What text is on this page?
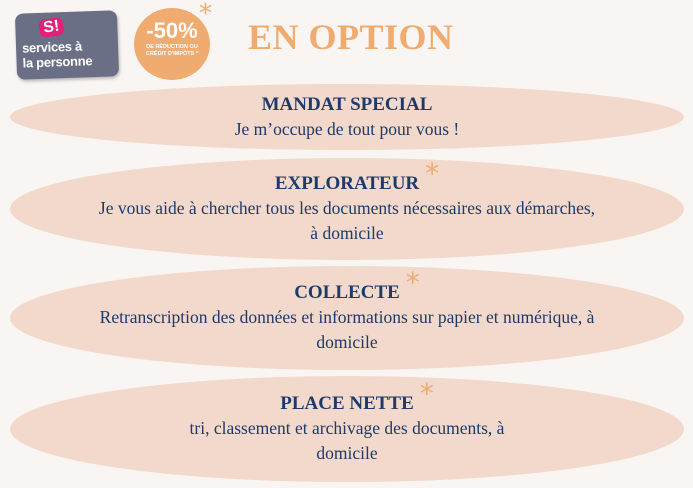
S!
services à
la personne
-50%
DE RÉDUCTION OU CRÉDIT D'IMPÔTS *
*
EN OPTION
MANDAT SPECIAL
Je m’occupe de tout pour vous !
EXPLORATEUR *
Je vous aide à chercher tous les documents nécessaires aux démarches, à domicile
COLLECTE *
Retranscription des données et informations sur papier et numérique, à domicile
PLACE NETTE *
tri, classement et archivage des documents, à domicile
